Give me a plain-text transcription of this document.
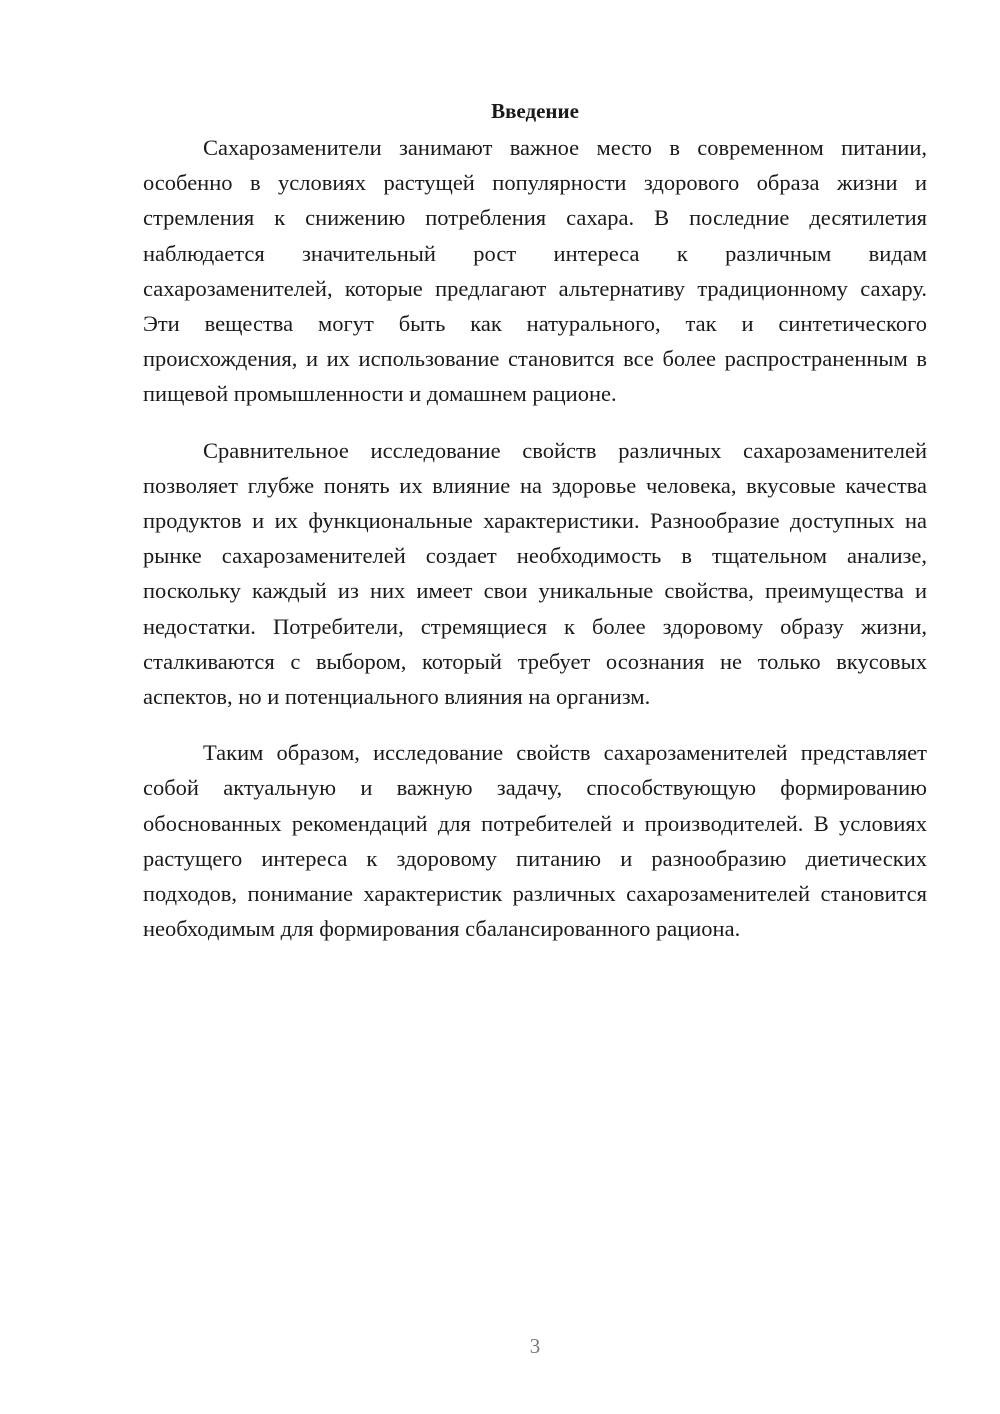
Введение

Сахарозаменители занимают важное место в современном питании, особенно в условиях растущей популярности здорового образа жизни и стремления к снижению потребления сахара. В последние десятилетия наблюдается значительный рост интереса к различным видам сахарозаменителей, которые предлагают альтернативу традиционному сахару. Эти вещества могут быть как натурального, так и синтетического происхождения, и их использование становится все более распространенным в пищевой промышленности и домашнем рационе.

Сравнительное исследование свойств различных сахарозаменителей позволяет глубже понять их влияние на здоровье человека, вкусовые качества продуктов и их функциональные характеристики. Разнообразие доступных на рынке сахарозаменителей создает необходимость в тщательном анализе, поскольку каждый из них имеет свои уникальные свойства, преимущества и недостатки. Потребители, стремящиеся к более здоровому образу жизни, сталкиваются с выбором, который требует осознания не только вкусовых аспектов, но и потенциального влияния на организм.

Таким образом, исследование свойств сахарозаменителей представляет собой актуальную и важную задачу, способствующую формированию обоснованных рекомендаций для потребителей и производителей. В условиях растущего интереса к здоровому питанию и разнообразию диетических подходов, понимание характеристик различных сахарозаменителей становится необходимым для формирования сбалансированного рациона.

3
